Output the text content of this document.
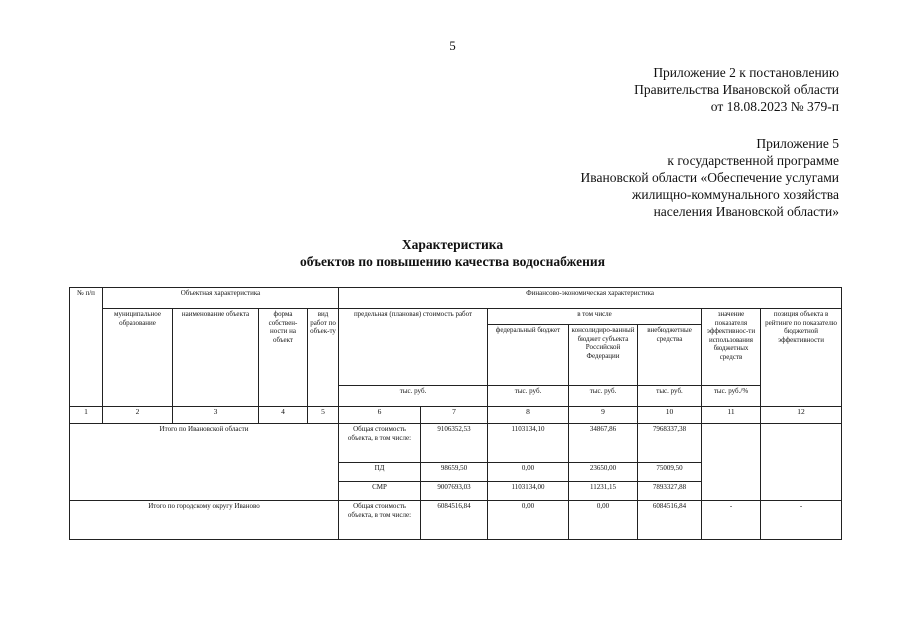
5
Приложение 2 к постановлению
Правительства Ивановской области
от 18.08.2023 № 379-п
Приложение 5
к государственной программе
Ивановской области «Обеспечение услугами
жилищно-коммунального хозяйства
населения Ивановской области»
Характеристика
объектов по повышению качества водоснабжения
№ п/п	Объектная характеристика				Финансово-экономическая характеристика						
	муниципальное образование	наименование объекта	форма собствен-ности на объект	вид работ по объек-ту	предельная (плановая) стоимость работ		в том числе			значение показателя эффективнос-ти использования бюджетных средств	позиция объекта в рейтинге по показателю бюджетной эффективности
							федеральный бюджет	консолидиро-ванный бюджет субъекта Российской Федерации	внебюджетные средства		
					тыс. руб.		тыс. руб.	тыс. руб.	тыс. руб.	тыс. руб./%	
1	2	3	4	5	6	7	8	9	10	11	12
Итого по Ивановской области					Общая стоимость объекта, в том числе:	9106352,53	1103134,10	34867,86	7968337,38		
					ПД	98659,50	0,00	23650,00	75009,50		
					СМР	9007693,03	1103134,00	11231,15	7893327,88		
Итого по городскому округу Иваново					Общая стоимость объекта, в том числе:	6084516,84	0,00	0,00	6084516,84	-	-
